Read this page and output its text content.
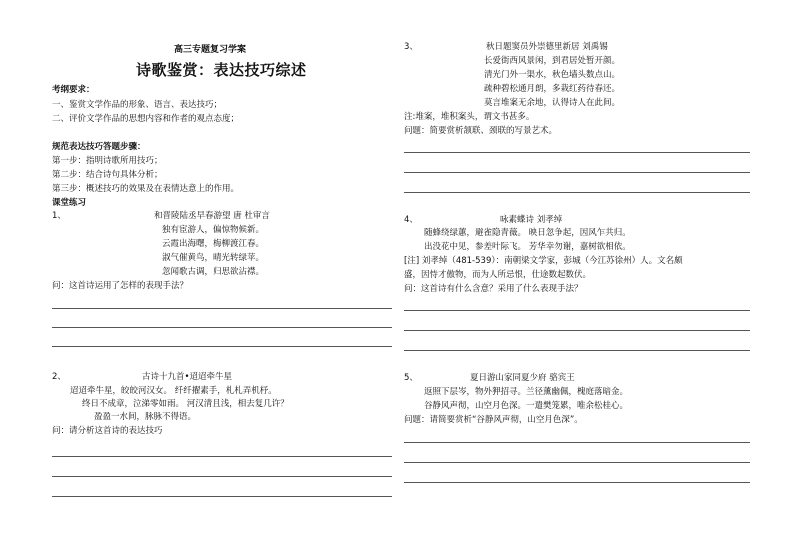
高三专题复习学案
诗歌鉴赏：表达技巧综述
考纲要求：
一、鉴赏文学作品的形象、语言、表达技巧；
二、评价文学作品的思想内容和作者的观点态度；
规范表达技巧答题步骤：
第一步：指明诗歌所用技巧；
第二步：结合诗句具体分析；
第三步：概述技巧的效果及在表情达意上的作用。
课堂练习
1、	和晋陵陆丞早春游望 唐 杜审言
独有宦游人，偏惊物候新。
云霞出海曙，梅柳渡江春。
淑气催黄鸟，晴光转绿苹。
忽闻歌古调，归思欲沾襟。
问：这首诗运用了怎样的表现手法？
2、	古诗十九首•迢迢牵牛星
迢迢牵牛星，皎皎河汉女。 纤纤擢素手，札札弄机杼。
终日不成章，泣涕零如雨。 河汉清且浅，相去复几许？
盈盈一水间，脉脉不得语。
问：请分析这首诗的表达技巧
3、	秋日题窦员外崇德里新居 刘禹锡
长爱街西风景闲，到君居处暂开颜。
清光门外一渠水，秋色墙头数点山。
疏种碧松通月朗，多栽红药待春还。
莫言堆案无余地，认得诗人在此间。
注:堆案，堆积案头，谓文书甚多。
问题：简要赏析颔联、颈联的写景艺术。
4、	咏素蝶诗 刘孝绰
随蜂绕绿蕙，避雀隐青薇。 映日忽争起，因风乍共归。
出没花中见，参差叶际飞。 芳华幸勿谢，嘉树欲相依。
[注] 刘孝绰（481-539）：南朝梁文学家，彭城（今江苏徐州）人。文名颇
盛，因恃才傲物，而为人所忌恨，仕途数起数伏。
问：这首诗有什么含意？采用了什么表现手法？
5、	夏日游山家同夏少府 骆宾王
返照下层岑，物外狎招寻。兰径薰幽佩，槐庭落暗金。
谷静风声彻，山空月色深。一遣樊笼累，唯余松桂心。
问题：请简要赏析“谷静风声彻，山空月色深”。
